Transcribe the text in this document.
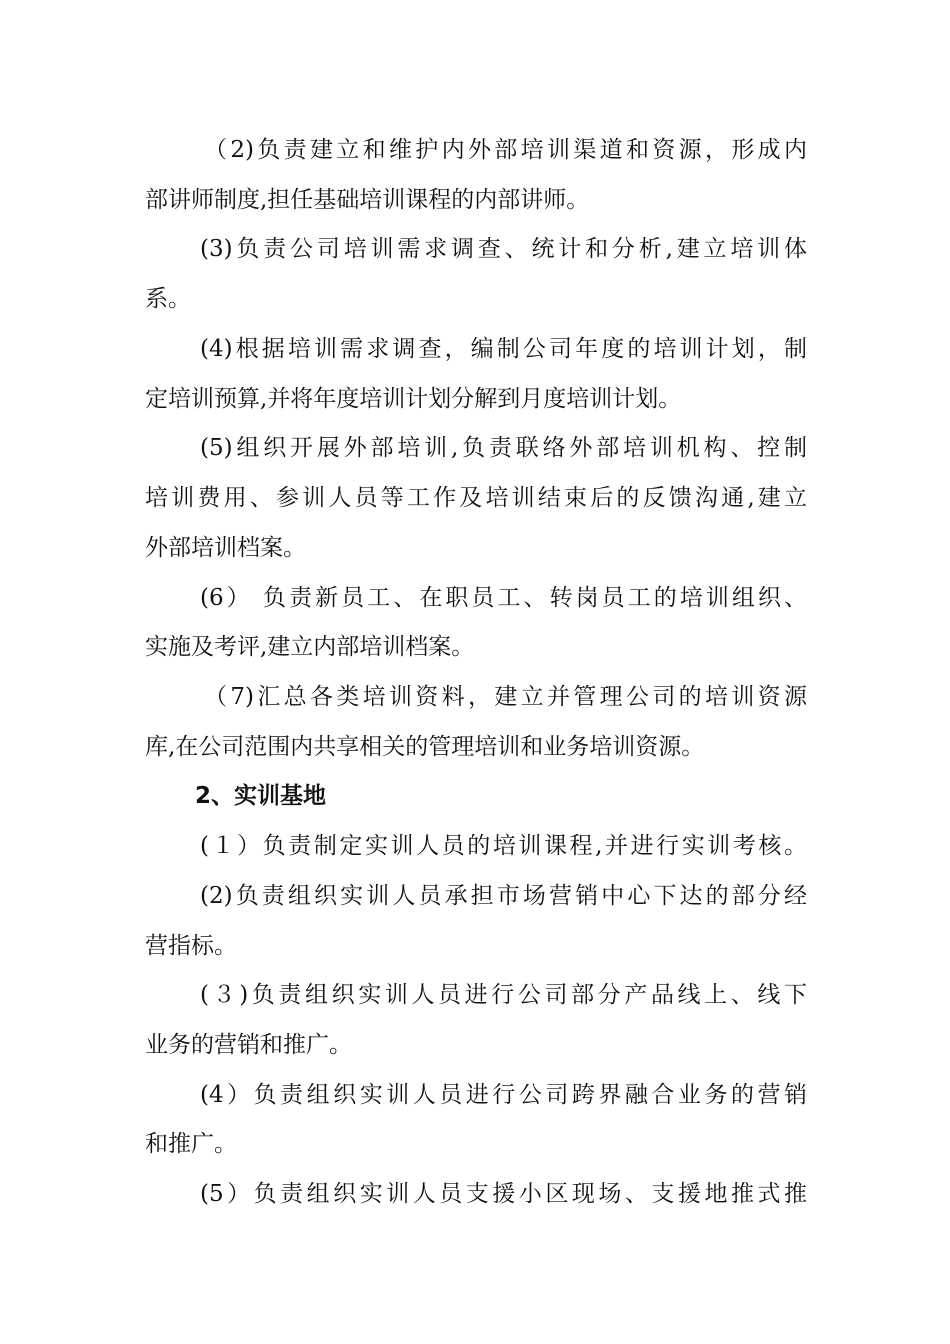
（2)负责建立和维护内外部培训渠道和资源，形成内
部讲师制度,担任基础培训课程的内部讲师。
(3)负责公司培训需求调查、统计和分析,建立培训体
系。
(4)根据培训需求调查，编制公司年度的培训计划，制
定培训预算,并将年度培训计划分解到月度培训计划。
(5)组织开展外部培训,负责联络外部培训机构、控制
培训费用、参训人员等工作及培训结束后的反馈沟通,建立
外部培训档案。
(6） 负责新员工、在职员工、转岗员工的培训组织、
实施及考评,建立内部培训档案。
（7)汇总各类培训资料，建立并管理公司的培训资源
库,在公司范围内共享相关的管理培训和业务培训资源。
2、实训基地
(１）负责制定实训人员的培训课程,并进行实训考核。
(2)负责组织实训人员承担市场营销中心下达的部分经
营指标。
(３)负责组织实训人员进行公司部分产品线上、线下
业务的营销和推广。
(4）负责组织实训人员进行公司跨界融合业务的营销
和推广。
(5）负责组织实训人员支援小区现场、支援地推式推
